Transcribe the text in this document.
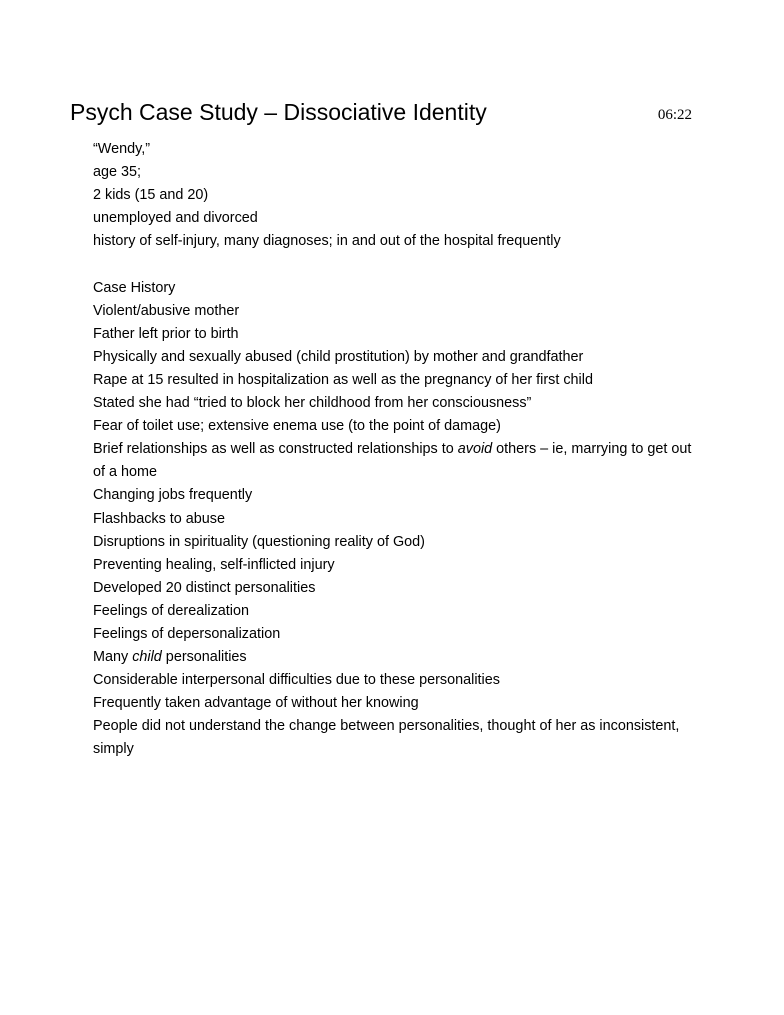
Psych Case Study – Dissociative Identity	06:22
“Wendy,”
age 35;
2 kids (15 and 20)
unemployed and divorced
history of self-injury, many diagnoses; in and out of the hospital frequently
Case History
Violent/abusive mother
Father left prior to birth
Physically and sexually abused (child prostitution) by mother and grandfather
Rape at 15 resulted in hospitalization as well as the pregnancy of her first child
Stated she had “tried to block her childhood from her consciousness”
Fear of toilet use; extensive enema use (to the point of damage)
Brief relationships as well as constructed relationships to avoid others – ie, marrying to get out of a home
Changing jobs frequently
Flashbacks to abuse
Disruptions in spirituality (questioning reality of God)
Preventing healing, self-inflicted injury
Developed 20 distinct personalities
Feelings of derealization
Feelings of depersonalization
Many child personalities
Considerable interpersonal difficulties due to these personalities
Frequently taken advantage of without her knowing
People did not understand the change between personalities, thought of her as inconsistent, simply
